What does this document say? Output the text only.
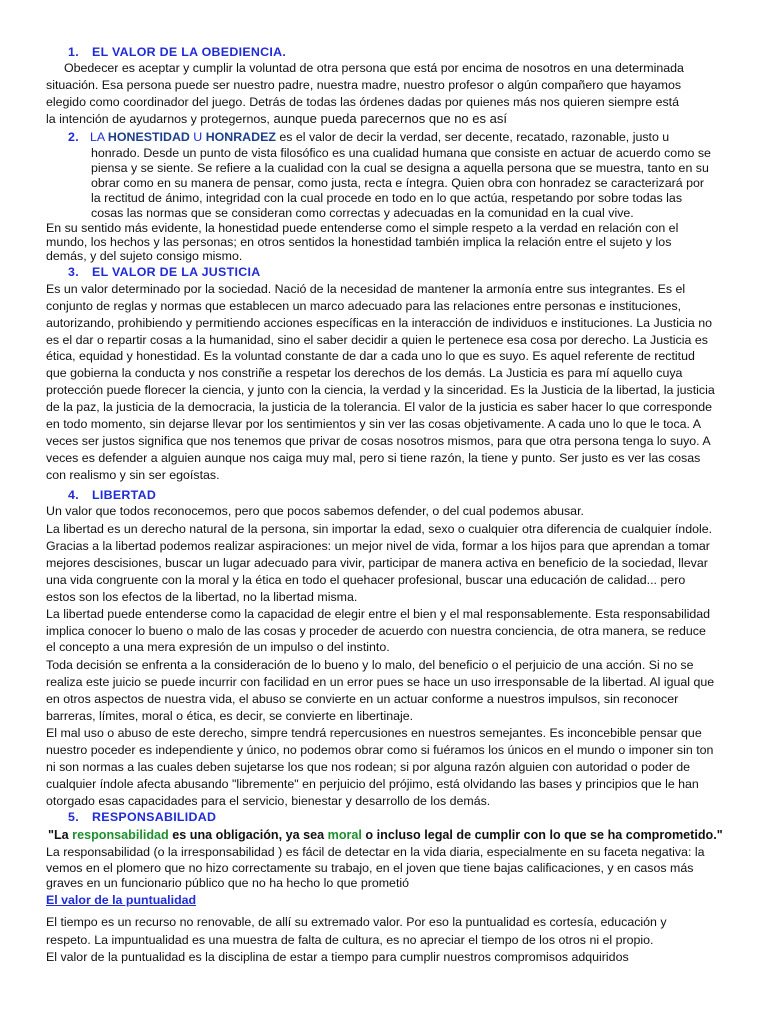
1. EL VALOR DE LA OBEDIENCIA.
Obedecer es aceptar y cumplir la voluntad de otra persona que está por encima de nosotros en una determinada
situación. Esa persona puede ser nuestro padre, nuestra madre, nuestro profesor o algún compañero que hayamos
elegido como coordinador del juego. Detrás de todas las órdenes dadas por quienes más nos quieren siempre está
la intención de ayudarnos y protegernos, aunque pueda parecernos que no es así
2. LA HONESTIDAD U HONRADEZ es el valor de decir la verdad, ser decente, recatado, razonable, justo u
honrado. Desde un punto de vista filosófico es una cualidad humana que consiste en actuar de acuerdo como se
piensa y se siente. Se refiere a la cualidad con la cual se designa a aquella persona que se muestra, tanto en su
obrar como en su manera de pensar, como justa, recta e íntegra. Quien obra con honradez se caracterizará por
la rectitud de ánimo, integridad con la cual procede en todo en lo que actúa, respetando por sobre todas las
cosas las normas que se consideran como correctas y adecuadas en la comunidad en la cual vive.
En su sentido más evidente, la honestidad puede entenderse como el simple respeto a la verdad en relación con el
mundo, los hechos y las personas; en otros sentidos la honestidad también implica la relación entre el sujeto y los
demás, y del sujeto consigo mismo.
3. EL VALOR DE LA JUSTICIA
Es un valor determinado por la sociedad. Nació de la necesidad de mantener la armonía entre sus integrantes. Es el
conjunto de reglas y normas que establecen un marco adecuado para las relaciones entre personas e instituciones,
autorizando, prohibiendo y permitiendo acciones específicas en la interacción de individuos e instituciones. La Justicia no
es el dar o repartir cosas a la humanidad, sino el saber decidir a quien le pertenece esa cosa por derecho. La Justicia es
ética, equidad y honestidad. Es la voluntad constante de dar a cada uno lo que es suyo. Es aquel referente de rectitud
que gobierna la conducta y nos constriñe a respetar los derechos de los demás. La Justicia es para mí aquello cuya
protección puede florecer la ciencia, y junto con la ciencia, la verdad y la sinceridad. Es la Justicia de la libertad, la justicia
de la paz, la justicia de la democracia, la justicia de la tolerancia. El valor de la justicia es saber hacer lo que corresponde
en todo momento, sin dejarse llevar por los sentimientos y sin ver las cosas objetivamente. A cada uno lo que le toca. A
veces ser justos significa que nos tenemos que privar de cosas nosotros mismos, para que otra persona tenga lo suyo. A
veces es defender a alguien aunque nos caiga muy mal, pero si tiene razón, la tiene y punto. Ser justo es ver las cosas
con realismo y sin ser egoístas.
4. LIBERTAD
Un valor que todos reconocemos, pero que pocos sabemos defender, o del cual podemos abusar.
La libertad es un derecho natural de la persona, sin importar la edad, sexo o cualquier otra diferencia de cualquier índole.
Gracias a la libertad podemos realizar aspiraciones: un mejor nivel de vida, formar a los hijos para que aprendan a tomar
mejores descisiones, buscar un lugar adecuado para vivir, participar de manera activa en beneficio de la sociedad, llevar
una vida congruente con la moral y la ética en todo el quehacer profesional, buscar una educación de calidad... pero
estos son los efectos de la libertad, no la libertad misma.
La libertad puede entenderse como la capacidad de elegir entre el bien y el mal responsablemente. Esta responsabilidad
implica conocer lo bueno o malo de las cosas y proceder de acuerdo con nuestra conciencia, de otra manera, se reduce
el concepto a una mera expresión de un impulso o del instinto.
Toda decisión se enfrenta a la consideración de lo bueno y lo malo, del beneficio o el perjuicio de una acción. Si no se
realiza este juicio se puede incurrir con facilidad en un error pues se hace un uso irresponsable de la libertad. Al igual que
en otros aspectos de nuestra vida, el abuso se convierte en un actuar conforme a nuestros impulsos, sin reconocer
barreras, límites, moral o ética, es decir, se convierte en libertinaje.
El mal uso o abuso de este derecho, simpre tendrá repercusiones en nuestros semejantes. Es inconcebible pensar que
nuestro poceder es independiente y único, no podemos obrar como si fuéramos los únicos en el mundo o imponer sin ton
ni son normas a las cuales deben sujetarse los que nos rodean; si por alguna razón alguien con autoridad o poder de
cualquier índole afecta abusando "libremente" en perjuicio del prójimo, está olvidando las bases y principios que le han
otorgado esas capacidades para el servicio, bienestar y desarrollo de los demás.
5. RESPONSABILIDAD
"La responsabilidad es una obligación, ya sea moral o incluso legal de cumplir con lo que se ha comprometido."
La responsabilidad (o la irresponsabilidad ) es fácil de detectar en la vida diaria, especialmente en su faceta negativa: la
vemos en el plomero que no hizo correctamente su trabajo, en el joven que tiene bajas calificaciones, y en casos más
graves en un funcionario público que no ha hecho lo que prometió
El valor de la puntualidad
El tiempo es un recurso no renovable, de allí su extremado valor. Por eso la puntualidad es cortesía, educación y
respeto. La impuntualidad es una muestra de falta de cultura, es no apreciar el tiempo de los otros ni el propio.
El valor de la puntualidad es la disciplina de estar a tiempo para cumplir nuestros compromisos adquiridos
